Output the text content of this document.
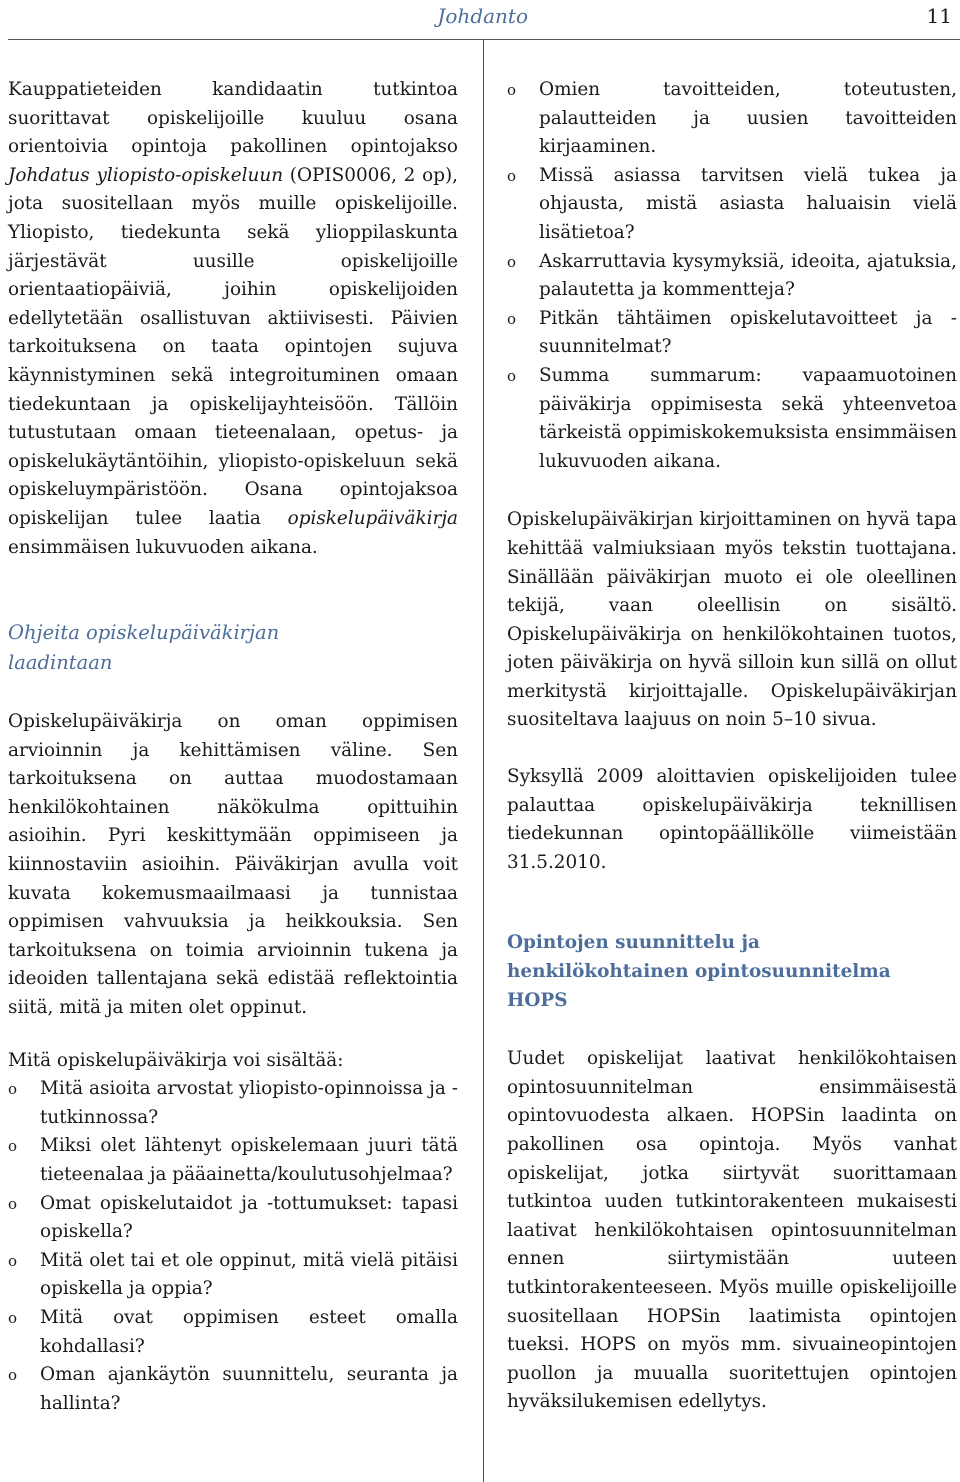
Johdanto	11

Kauppatieteiden kandidaatin tutkintoa suorittavat opiskelijoille kuuluu osana orientoivia opintoja pakollinen opintojakso Johdatus yliopisto-opiskeluun (OPIS0006, 2 op), jota suositellaan myös muille opiskelijoille. Yliopisto, tiedekunta sekä ylioppilaskunta järjestävät uusille opiskelijoille orientaatiopäiviä, joihin opiskelijoiden edellytetään osallistuvan aktiivisesti. Päivien tarkoituksena on taata opintojen sujuva käynnistyminen sekä integroituminen omaan tiedekuntaan ja opiskelijayhteisöön. Tällöin tutustutaan omaan tieteenalaan, opetus- ja opiskelukäytäntöihin, yliopisto-opiskeluun sekä opiskeluympäristöön. Osana opintojaksoa opiskelijan tulee laatia opiskelupäiväkirja ensimmäisen lukuvuoden aikana.

Ohjeita opiskelupäiväkirjan laadintaan

Opiskelupäiväkirja on oman oppimisen arvioinnin ja kehittämisen väline. Sen tarkoituksena on auttaa muodostamaan henkilökohtainen näkökulma opittuihin asioihin. Pyri keskittymään oppimiseen ja kiinnostaviin asioihin. Päiväkirjan avulla voit kuvata kokemusmaailmaasi ja tunnistaa oppimisen vahvuuksia ja heikkouksia. Sen tarkoituksena on toimia arvioinnin tukena ja ideoiden tallentajana sekä edistää reflektointia siitä, mitä ja miten olet oppinut.

Mitä opiskelupäiväkirja voi sisältää:

o Mitä asioita arvostat yliopisto-opinnoissa ja -tutkinnossa?
o Miksi olet lähtenyt opiskelemaan juuri tätä tieteenalaa ja pääainetta/koulutusohjelmaa?
o Omat opiskelutaidot ja -tottumukset: tapasi opiskella?
o Mitä olet tai et ole oppinut, mitä vielä pitäisi opiskella ja oppia?
o Mitä ovat oppimisen esteet omalla kohdallasi?
o Oman ajankäytön suunnittelu, seuranta ja hallinta?
o Omien tavoitteiden, toteutusten, palautteiden ja uusien tavoitteiden kirjaaminen.
o Missä asiassa tarvitsen vielä tukea ja ohjausta, mistä asiasta haluaisin vielä lisätietoa?
o Askarruttavia kysymyksiä, ideoita, ajatuksia, palautetta ja kommentteja?
o Pitkän tähtäimen opiskelutavoitteet ja -suunnitelmat?
o Summa summarum: vapaamuotoinen päiväkirja oppimisesta sekä yhteenvetoa tärkeistä oppimiskokemuksista ensimmäisen lukuvuoden aikana.

Opiskelupäiväkirjan kirjoittaminen on hyvä tapa kehittää valmiuksiaan myös tekstin tuottajana. Sinällään päiväkirjan muoto ei ole oleellinen tekijä, vaan oleellisin on sisältö. Opiskelupäiväkirja on henkilökohtainen tuotos, joten päiväkirja on hyvä silloin kun sillä on ollut merkitystä kirjoittajalle. Opiskelupäiväkirjan suositeltava laajuus on noin 5–10 sivua.

Syksyllä 2009 aloittavien opiskelijoiden tulee palauttaa opiskelupäiväkirja teknillisen tiedekunnan opintopäällikölle viimeistään 31.5.2010.

Opintojen suunnittelu ja henkilökohtainen opintosuunnitelma HOPS

Uudet opiskelijat laativat henkilökohtaisen opintosuunnitelman ensimmäisestä opintovuodesta alkaen. HOPSin laadinta on pakollinen osa opintoja. Myös vanhat opiskelijat, jotka siirtyvät suorittamaan tutkintoa uuden tutkintorakenteen mukaisesti laativat henkilökohtaisen opintosuunnitelman ennen siirtymistään uuteen tutkintorakenteeseen. Myös muille opiskelijoille suositellaan HOPSin laatimista opintojen tueksi. HOPS on myös mm. sivuaineopintojen puollon ja muualla suoritettujen opintojen hyväksilukemisen edellytys.
